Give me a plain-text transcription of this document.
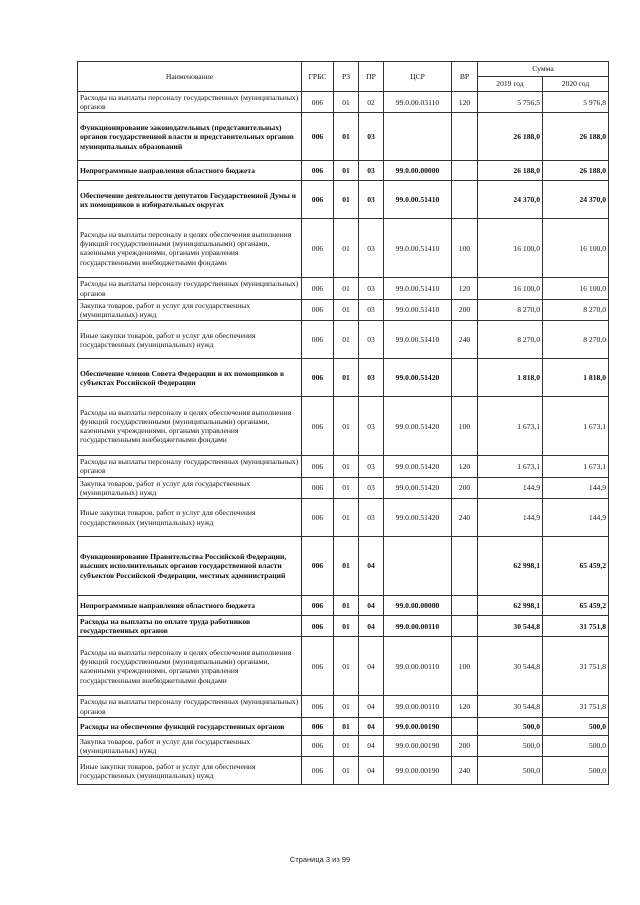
Наименование	ГРБС	РЗ	ПР	ЦСР	ВР	Сумма	
						2019 год	2020 год
Расходы на выплаты персоналу государственных (муниципальных) органов	006	01	02	99.0.00.03110	120	5 756,5	5 976,8
Функционирование законодательных (представительных) органов государственной власти и представительных органов муниципальных образований	006	01	03			26 188,0	26 188,0
Непрограммные направления областного бюджета	006	01	03	99.0.00.00000		26 188,0	26 188,0
Обеспечение деятельности депутатов Государственной Думы и их помощников в избирательных округах	006	01	03	99.0.00.51410		24 370,0	24 370,0
Расходы на выплаты персоналу в целях обеспечения выполнения функций государственными (муниципальными) органами, казенными учреждениями, органами управления государственными внебюджетными фондами	006	01	03	99.0.00.51410	100	16 100,0	16 100,0
Расходы на выплаты персоналу государственных (муниципальных) органов	006	01	03	99.0.00.51410	120	16 100,0	16 100,0
Закупка товаров, работ и услуг для государственных (муниципальных) нужд	006	01	03	99.0.00.51410	200	8 270,0	8 270,0
Иные закупки товаров, работ и услуг для обеспечения государственных (муниципальных) нужд	006	01	03	99.0.00.51410	240	8 270,0	8 270,0
Обеспечение членов Совета Федерации и их помощников в субъектах Российской Федерации	006	01	03	99.0.00.51420		1 818,0	1 818,0
Расходы на выплаты персоналу в целях обеспечения выполнения функций государственными (муниципальными) органами, казенными учреждениями, органами управления государственными внебюджетными фондами	006	01	03	99.0.00.51420	100	1 673,1	1 673,1
Расходы на выплаты персоналу государственных (муниципальных) органов	006	01	03	99.0.00.51420	120	1 673,1	1 673,1
Закупка товаров, работ и услуг для государственных (муниципальных) нужд	006	01	03	99.0.00.51420	200	144,9	144,9
Иные закупки товаров, работ и услуг для обеспечения государственных (муниципальных) нужд	006	01	03	99.0.00.51420	240	144,9	144,9
Функционирование Правительства Российской Федерации, высших исполнительных органов государственной власти субъектов Российской Федерации, местных администраций	006	01	04			62 998,1	65 459,2
Непрограммные направления областного бюджета	006	01	04	99.0.00.00000		62 998,1	65 459,2
Расходы на выплаты по оплате труда работников государственных органов	006	01	04	99.0.00.00110		30 544,8	31 751,8
Расходы на выплаты персоналу в целях обеспечения выполнения функций государственными (муниципальными) органами, казенными учреждениями, органами управления государственными внебюджетными фондами	006	01	04	99.0.00.00110	100	30 544,8	31 751,8
Расходы на выплаты персоналу государственных (муниципальных) органов	006	01	04	99.0.00.00110	120	30 544,8	31 751,8
Расходы на обеспечение функций государственных органов	006	01	04	99.0.00.00190		500,0	500,0
Закупка товаров, работ и услуг для государственных (муниципальных) нужд	006	01	04	99.0.00.00190	200	500,0	500,0
Иные закупки товаров, работ и услуг для обеспечения государственных (муниципальных) нужд	006	01	04	99.0.00.00190	240	500,0	500,0
Страница 3 из 99
